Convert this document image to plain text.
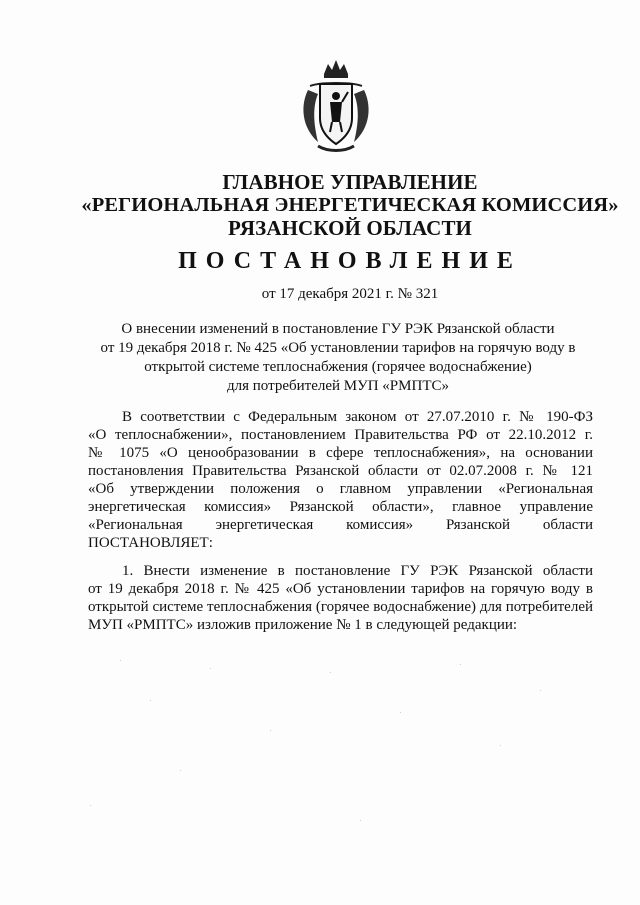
ГЛАВНОЕ УПРАВЛЕНИЕ
«РЕГИОНАЛЬНАЯ ЭНЕРГЕТИЧЕСКАЯ КОМИССИЯ»
РЯЗАНСКОЙ ОБЛАСТИ
ПОСТАНОВЛЕНИЕ
от 17 декабря 2021 г. № 321
О внесении изменений в постановление ГУ РЭК Рязанской области
от 19 декабря 2018 г. № 425 «Об установлении тарифов на горячую воду в
открытой системе теплоснабжения (горячее водоснабжение)
для потребителей МУП «РМПТС»
В соответствии с Федеральным законом от 27.07.2010 г. № 190-ФЗ
«О теплоснабжении», постановлением Правительства РФ от 22.10.2012 г.
№ 1075 «О ценообразовании в сфере теплоснабжения», на основании
постановления Правительства Рязанской области от 02.07.2008 г. № 121
«Об утверждении положения о главном управлении «Региональная
энергетическая комиссия» Рязанской области», главное управление
«Региональная энергетическая комиссия» Рязанской области
ПОСТАНОВЛЯЕТ:
1. Внести изменение в постановление ГУ РЭК Рязанской области
от 19 декабря 2018 г. № 425 «Об установлении тарифов на горячую воду в
открытой системе теплоснабжения (горячее водоснабжение) для потребителей
МУП «РМПТС» изложив приложение № 1 в следующей редакции:
